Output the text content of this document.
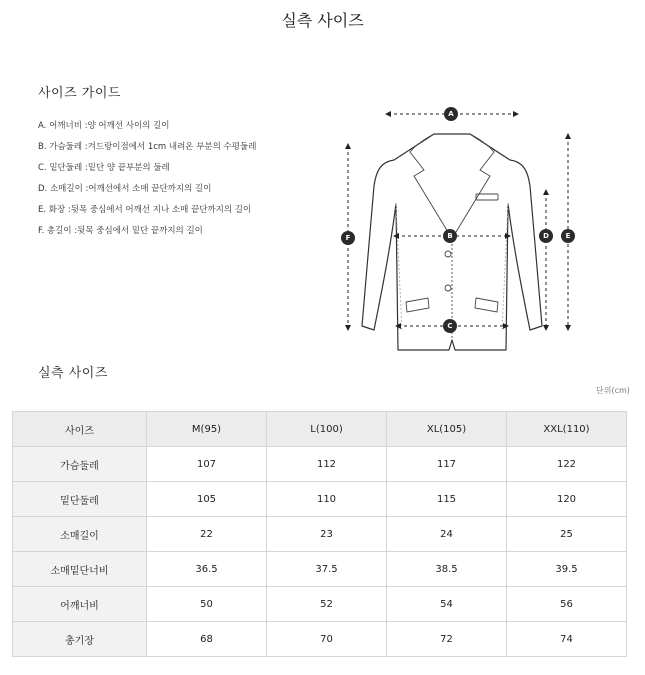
실측 사이즈
사이즈 가이드
A. 어깨너비 :양 어깨선 사이의 길이
B. 가슴둘레 :겨드랑이점에서 1cm 내려온 부분의 수평둘레
C. 밑단둘레 :밑단 양 끝부분의 둘레
D. 소매길이 :어깨선에서 소매 끝단까지의 길이
E. 화장 :뒷목 중심에서 어깨선 지나 소매 끝단까지의 길이
F. 총길이 :뒷목 중심에서 밑단 끝까지의 길이
A
B
C
D E
F
실측 사이즈
단위(cm)
사이즈	M(95)	L(100)	XL(105)	XXL(110)
가슴둘레	107	112	117	122
밑단둘레	105	110	115	120
소매길이	22	23	24	25
소매밑단너비	36.5	37.5	38.5	39.5
어깨너비	50	52	54	56
총기장	68	70	72	74
